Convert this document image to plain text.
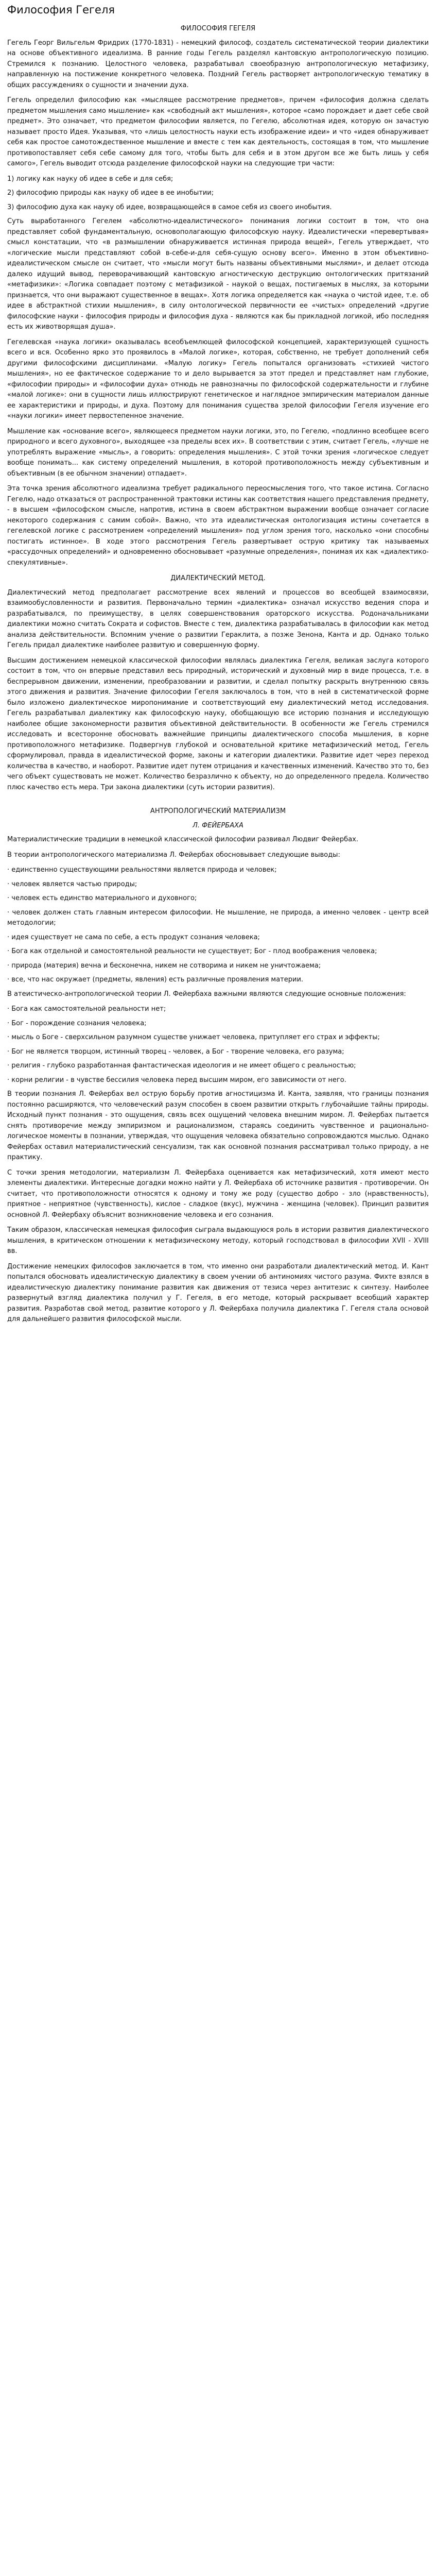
Философия Гегеля
ФИЛОСОФИЯ ГЕГЕЛЯ

Гегель Георг Вильгельм Фридрих (1770-1831) - немецкий философ, создатель систематической теории диалектики на основе объективного идеализма. В ранние годы Гегель разделял кантовскую антропологическую позицию. Стремился к познанию. Целостного человека, разрабатывал своеобразную антропологическую метафизику, направленную на постижение конкретного человека. Поздний Гегель растворяет антропологическую тематику в общих рассуждениях о сущности и значении духа.

Гегель определил философию как «мыслящее рассмотрение предметов», причем «философия должна сделать предметом мышления само мышление» как «свободный акт мышления», которое «само порождает и дает себе свой предмет». Это означает, что предметом философии является, по Гегелю, абсолютная идея, которую он зачастую называет просто Идея. Указывая, что «лишь целостность науки есть изображение идеи» и что «идея обнаруживает себя как простое самотождественное мышление и вместе с тем как деятельность, состоящая в том, что мышление противопоставляет себя себе самому для того, чтобы быть для себя и в этом другом все же быть лишь у себя самого», Гегель выводит отсюда разделение философской науки на следующие три части:

1) логику как науку об идее в себе и для себя;
2) философию природы как науку об идее в ее инобытии;
3) философию духа как науку об идее, возвращающейся в самое себя из своего инобытия.

Суть выработанного Гегелем «абсолютно-идеалистического» понимания логики состоит в том, что она представляет собой фундаментальную, основополагающую философскую науку. Идеалистически «перевертывая» смысл констатации, что «в размышлении обнаруживается истинная природа вещей», Гегель утверждает, что «логические мысли представляют собой в-себе-и-для себя-сущую основу всего». Именно в этом объективно-идеалистическом смысле он считает, что «мысли могут быть названы объективными мыслями», и делает отсюда далеко идущий вывод, переворачивающий кантовскую агностическую деструкцию онтологических притязаний «метафизики»: «Логика совпадает поэтому с метафизикой - наукой о вещах, постигаемых в мыслях, за которыми признается, что они выражают существенное в вещах». Хотя логика определяется как «наука о чистой идее, т.е. об идее в абстрактной стихии мышления», в силу онтологической первичности ее «чистых» определений «другие философские науки - философия природы и философия духа - являются как бы прикладной логикой, ибо последняя есть их животворящая душа».

Гегелевская «наука логики» оказывалась всеобъемлющей философской концепцией, характеризующей сущность всего и вся. Особенно ярко это проявилось в «Малой логике», которая, собственно, не требует дополнений себя другими философскими дисциплинами. «Малую логику» Гегель попытался организовать «стихией чистого мышления», но ее фактическое содержание то и дело вырывается за этот предел и представляет нам глубокие, «философии природы» и «философии духа» отнюдь не равнозначны по философской содержательности и глубине «малой логике»: они в сущности лишь иллюстрируют генетическое и наглядное эмпирическим материалом данные ее характеристики и природы, и духа. Поэтому для понимания существа зрелой философии Гегеля изучение его «науки логики» имеет первостепенное значение.

Мышление как «основание всего», являющееся предметом науки логики, это, по Гегелю, «подлинно всеобщее всего природного и всего духовного», выходящее «за пределы всех их». В соответствии с этим, считает Гегель, «лучше не употреблять выражение «мысль», а говорить: определения мышления». С этой точки зрения «логическое следует вообще понимать... как систему определений мышления, в которой противоположность между субъективным и объективным (в ее обычном значении) отпадает».

Эта точка зрения абсолютного идеализма требует радикального переосмысления того, что такое истина. Согласно Гегелю, надо отказаться от распространенной трактовки истины как соответствия нашего представления предмету, - в высшем «философском смысле, напротив, истина в своем абстрактном выражении вообще означает согласие некоторого содержания с самим собой». Важно, что эта идеалистическая онтологизация истины сочетается в гегелевской логике с расcмотрением «определений мышления» под углом зрения того, насколько «они способны постигать истинное». В ходе этого рассмотрения Гегель развертывает острую критику так называемых «рассудочных определений» и одновременно обосновывает «разумные определения», понимая их как «диалектико-спекулятивные».

ДИАЛЕКТИЧЕСКИЙ МЕТОД.

Диалектический метод предполагает рассмотрение всех явлений и процессов во всеобщей взаимосвязи, взаимообусловленности и развития. Первоначально термин «диалектика» означал искусство ведения спора и разрабатывался, по преимуществу, в целях совершенствования ораторского искусства. Родоначальниками диалектики можно считать Сократа и софистов. Вместе с тем, диалектика разрабатывалась в философии как метод анализа действительности. Вспомним учение о развитии Гераклита, а позже Зенона, Канта и др. Однако только Гегель придал диалектике наиболее развитую и совершенную форму.

Высшим достижением немецкой классической философии являлась диалектика Гегеля, великая заслуга которого состоит в том, что он впервые представил весь природный, исторический и духовный мир в виде процесса, т.е. в беспрерывном движении, изменении, преобразовании и развитии, и сделал попытку раскрыть внутреннюю связь этого движения и развития. Значение философии Гегеля заключалось в том, что в ней в систематической форме было изложено диалектическое миропонимание и соответствующий ему диалектический метод исследования. Гегель разрабатывал диалектику как философскую науку, обобщающую все историю познания и исследующую наиболее общие закономерности развития объективной действительности. В особенности же Гегель стремился исследовать и всесторонне обосновать важнейшие принципы диалектического способа мышления, в корне противоположного метафизике. Подвергнув глубокой и основательной критике метафизический метод, Гегель сформулировал, правда в идеалистической форме, законы и категории диалектики. Развитие идет через переход количества в качество, и наоборот. Развитие идет путем отрицания и качественных изменений. Качество это то, без чего объект существовать не может. Количество безразлично к объекту, но до определенного предела. Количество плюс качество есть мера. Три закона диалектики (суть истории развития).

АНТРОПОЛОГИЧЕСКИЙ МАТЕРИАЛИЗМ
Л. ФЕЙЕРБАХА

Материалистические традиции в немецкой классической философии развивал Людвиг Фейербах.

В теории антропологического материализма Л. Фейербах обосновывает следующие выводы:

· единственно существующими реальностями является природа и человек;
· человек является частью природы;
· человек есть единство материального и духовного;
· человек должен стать главным интересом философии. Не мышление, не природа, а именно человек - центр всей методологии;
· идея существует не сама по себе, а есть продукт сознания человека;
· Бога как отдельной и самостоятельной реальности не существует; Бог - плод воображения человека;
· природа (материя) вечна и бесконечна, никем не сотворима и никем не уничтожаема;
· все, что нас окружает (предметы, явления) есть различные проявления материи.

В атеистическо-антропологической теории Л. Фейербаха важными являются следующие основные положения:

· Бога как самостоятельной реальности нет;
· Бог - порождение сознания человека;
· мысль о Боге - сверхсильном разумном существе унижает человека, притупляет его страх и эффекты;
· Бог не является творцом, истинный творец - человек, а Бог - творение человека, его разума;
· религия - глубоко разработанная фантастическая идеология и не имеет общего с реальностью;
· корни религии - в чувстве бессилия человека перед высшим миром, его зависимости от него.

В теории познания Л. Фейербах вел острую борьбу против агностицизма И. Канта, заявляя, что границы познания постоянно расширяются, что человеческий разум способен в своем развитии открыть глубочайшие тайны природы. Исходный пункт познания - это ощущения, связь всех ощущений человека внешним миром. Л. Фейербах пытается снять противоречие между эмпиризмом и рационализмом, стараясь соединить чувственное и рационально-логическое моменты в познании, утверждая, что ощущения человека обязательно сопровождаются мыслью. Однако Фейербах оставил материалистический сенсуализм, так как основной познания рассматривал только природу, а не практику.

С точки зрения методологии, материализм Л. Фейербаха оценивается как метафизический, хотя имеют место элементы диалектики. Интересные догадки можно найти у Л. Фейербаха об источнике развития - противоречии. Он считает, что противоположности относятся к одному и тому же роду (существо добро - зло (нравственность), приятное - неприятное (чувственность), кислое - сладкое (вкус), мужчина - женщина (человек). Принцип развития основной Л. Фейербаху объяснит возникновение человека и его сознания.

Таким образом, классическая немецкая философия сыграла выдающуюся роль в истории развития диалектического мышления, в критическом отношении к метафизическому методу, который господствовал в философии XVII - XVIII вв.

Достижение немецких философов заключается в том, что именно они разработали диалектический метод. И. Кант попытался обосновать идеалистическую диалектику в своем учении об антиномиях чистого разума. Фихте взялся в идеалистическую диалектику понимание развития как движения от тезиса через антитезис к синтезу. Наиболее развернутый взгляд диалектика получил у Г. Гегеля, в его методе, который раскрывает всеобщий характер развития. Разработав свой метод, развитие которого у Л. Фейербаха получила диалектика Г. Гегеля стала основой для дальнейшего развития философской мысли.
